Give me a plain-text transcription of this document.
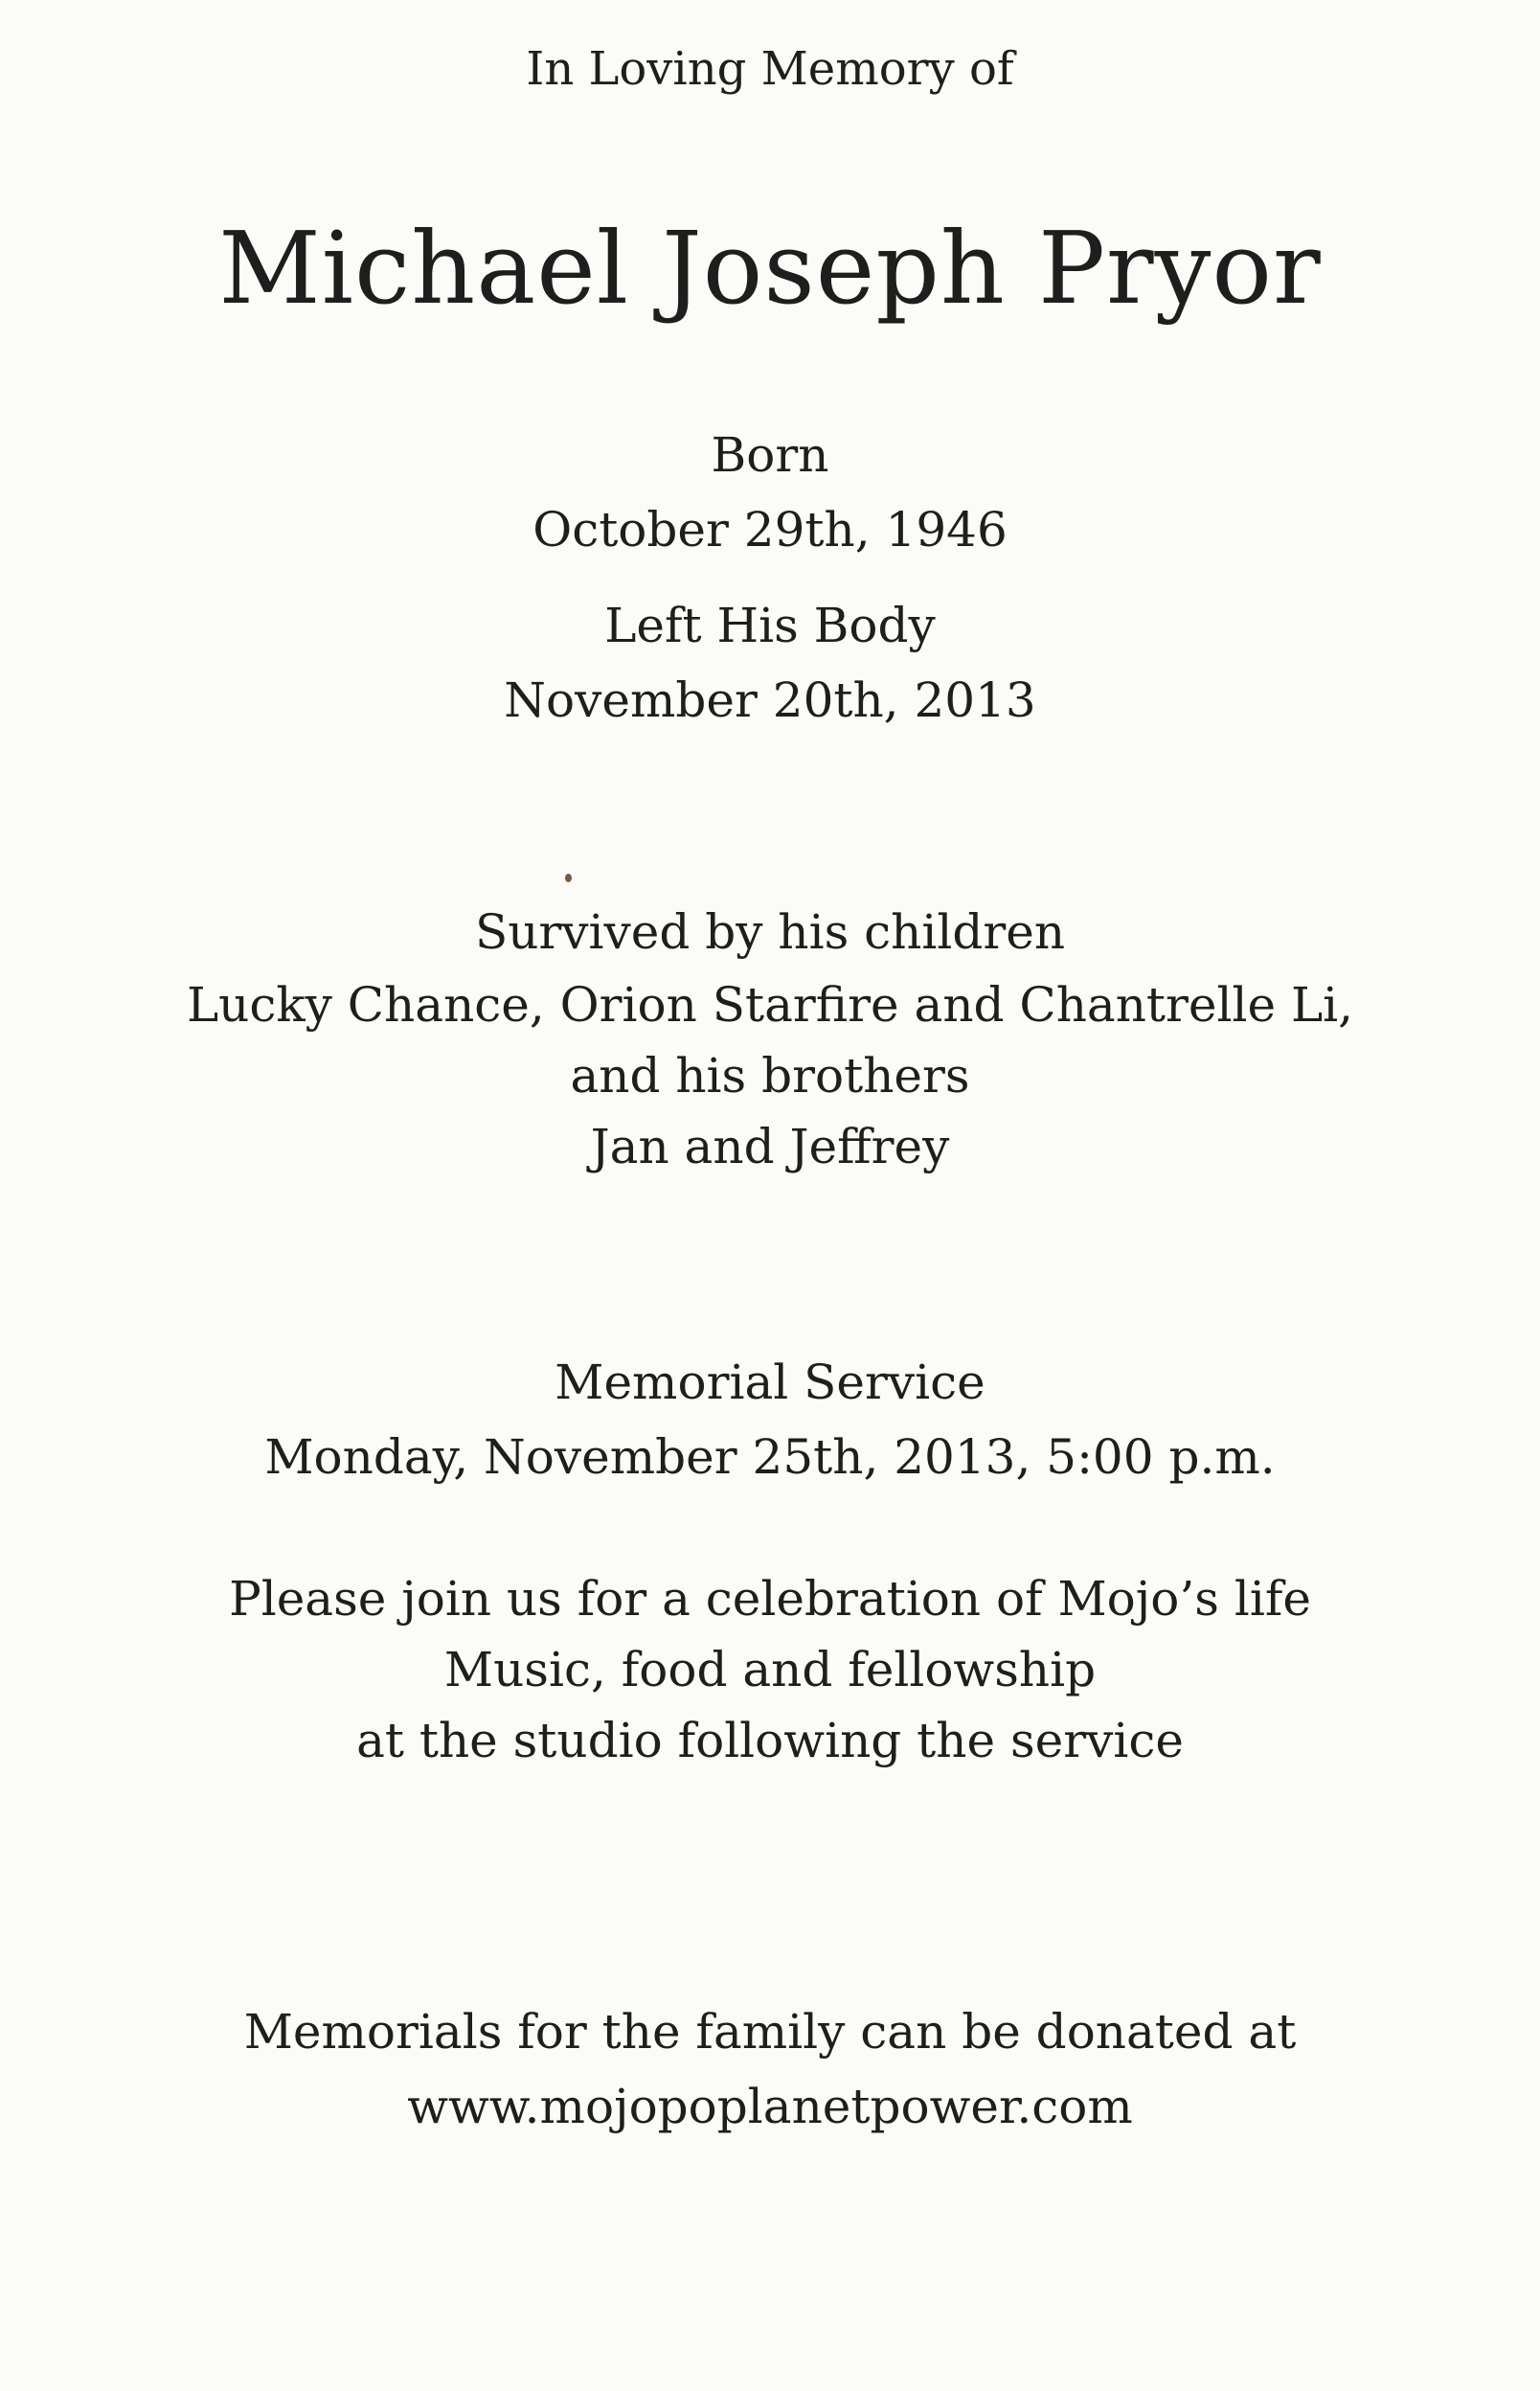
In Loving Memory of
Michael Joseph Pryor
Born
October 29th, 1946
Left His Body
November 20th, 2013
Survived by his children
Lucky Chance, Orion Starfire and Chantrelle Li,
and his brothers
Jan and Jeffrey
Memorial Service
Monday, November 25th, 2013, 5:00 p.m.
Please join us for a celebration of Mojo’s life
Music, food and fellowship
at the studio following the service
Memorials for the family can be donated at
www.mojopoplanetpower.com
